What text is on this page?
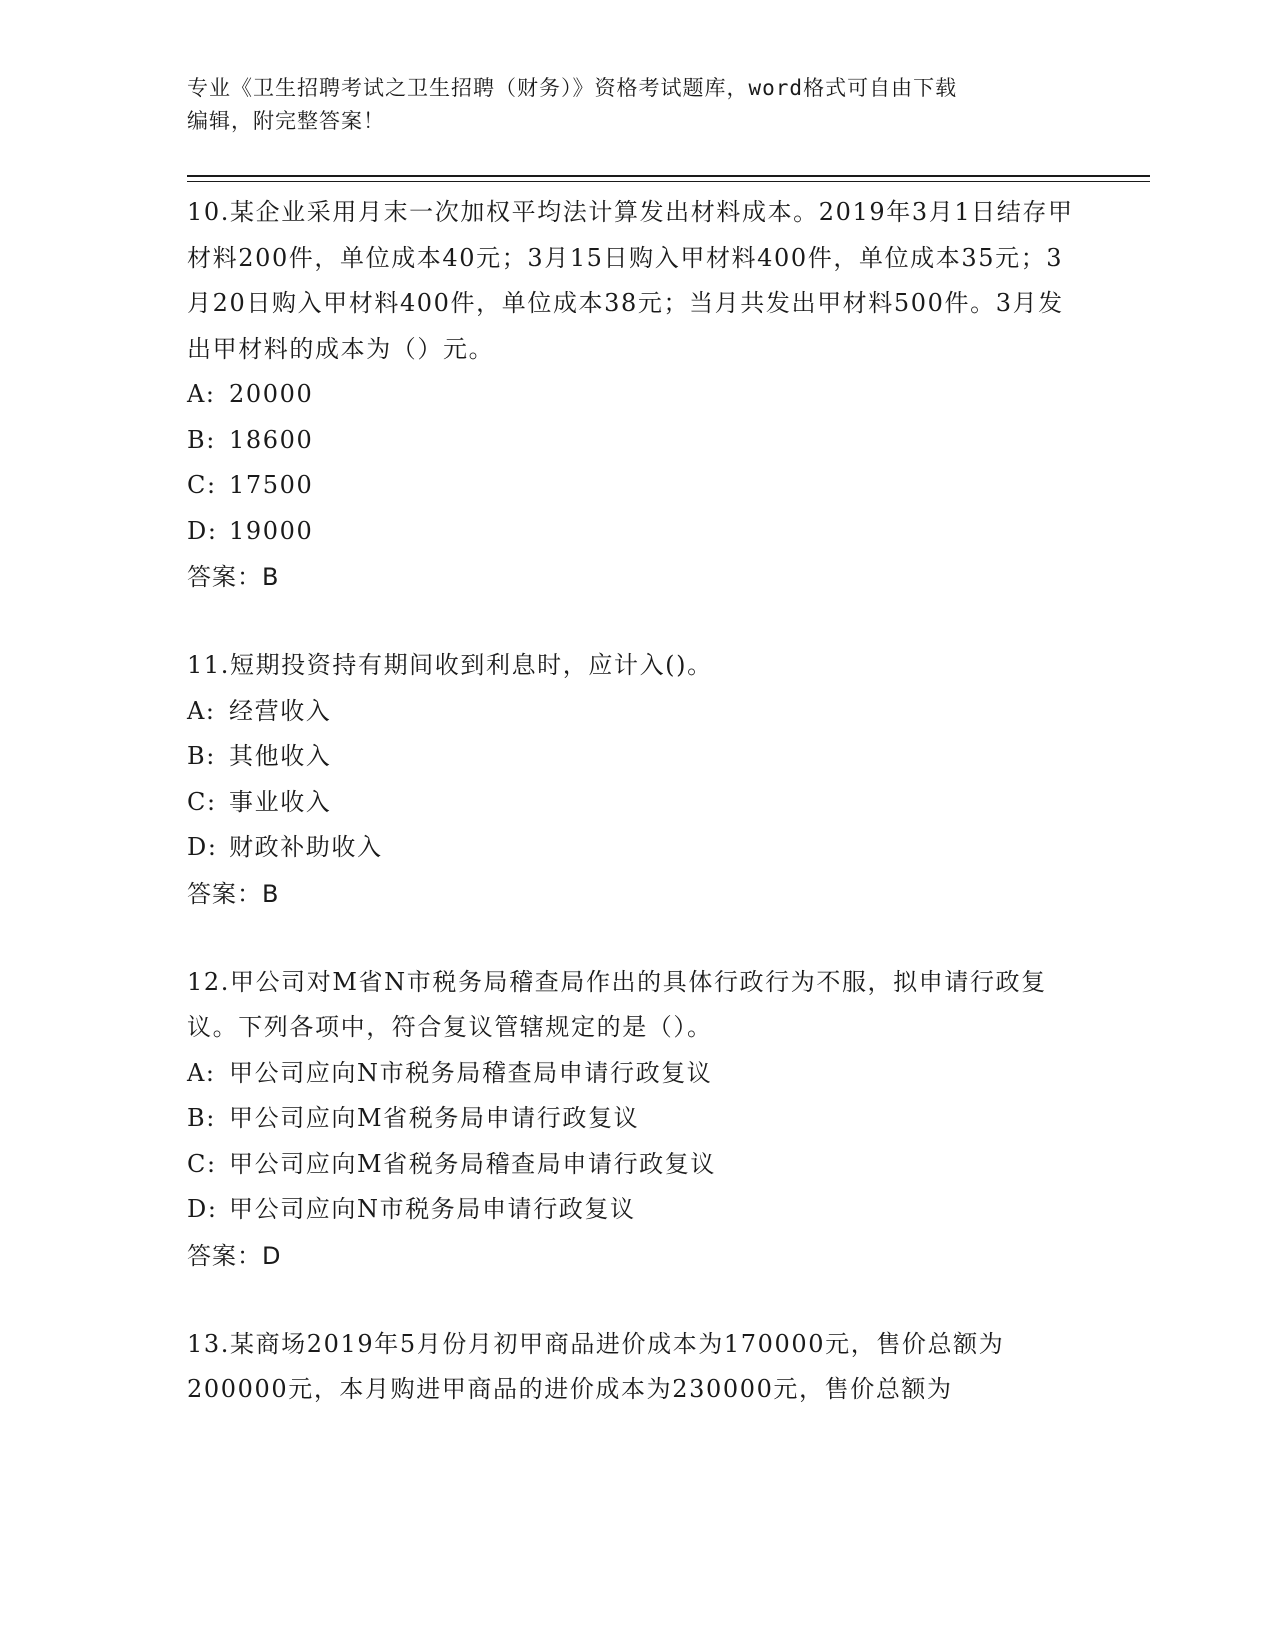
专业《卫生招聘考试之卫生招聘（财务）》资格考试题库，word格式可自由下载
编辑，附完整答案！

10.某企业采用月末一次加权平均法计算发出材料成本。2019年3月1日结存甲材料200件，单位成本40元；3月15日购入甲材料400件，单位成本35元；3月20日购入甲材料400件，单位成本38元；当月共发出甲材料500件。3月发出甲材料的成本为（）元。

A: 20000
B: 18600
C: 17500
D: 19000

答案：B

11.短期投资持有期间收到利息时，应计入()。

A: 经营收入
B: 其他收入
C: 事业收入
D: 财政补助收入

答案：B

12.甲公司对M省N市税务局稽查局作出的具体行政行为不服，拟申请行政复议。下列各项中，符合复议管辖规定的是（）。

A: 甲公司应向N市税务局稽查局申请行政复议
B: 甲公司应向M省税务局申请行政复议
C: 甲公司应向M省税务局稽查局申请行政复议
D: 甲公司应向N市税务局申请行政复议

答案：D

13.某商场2019年5月份月初甲商品进价成本为170000元，售价总额为200000元，本月购进甲商品的进价成本为230000元，售价总额为
